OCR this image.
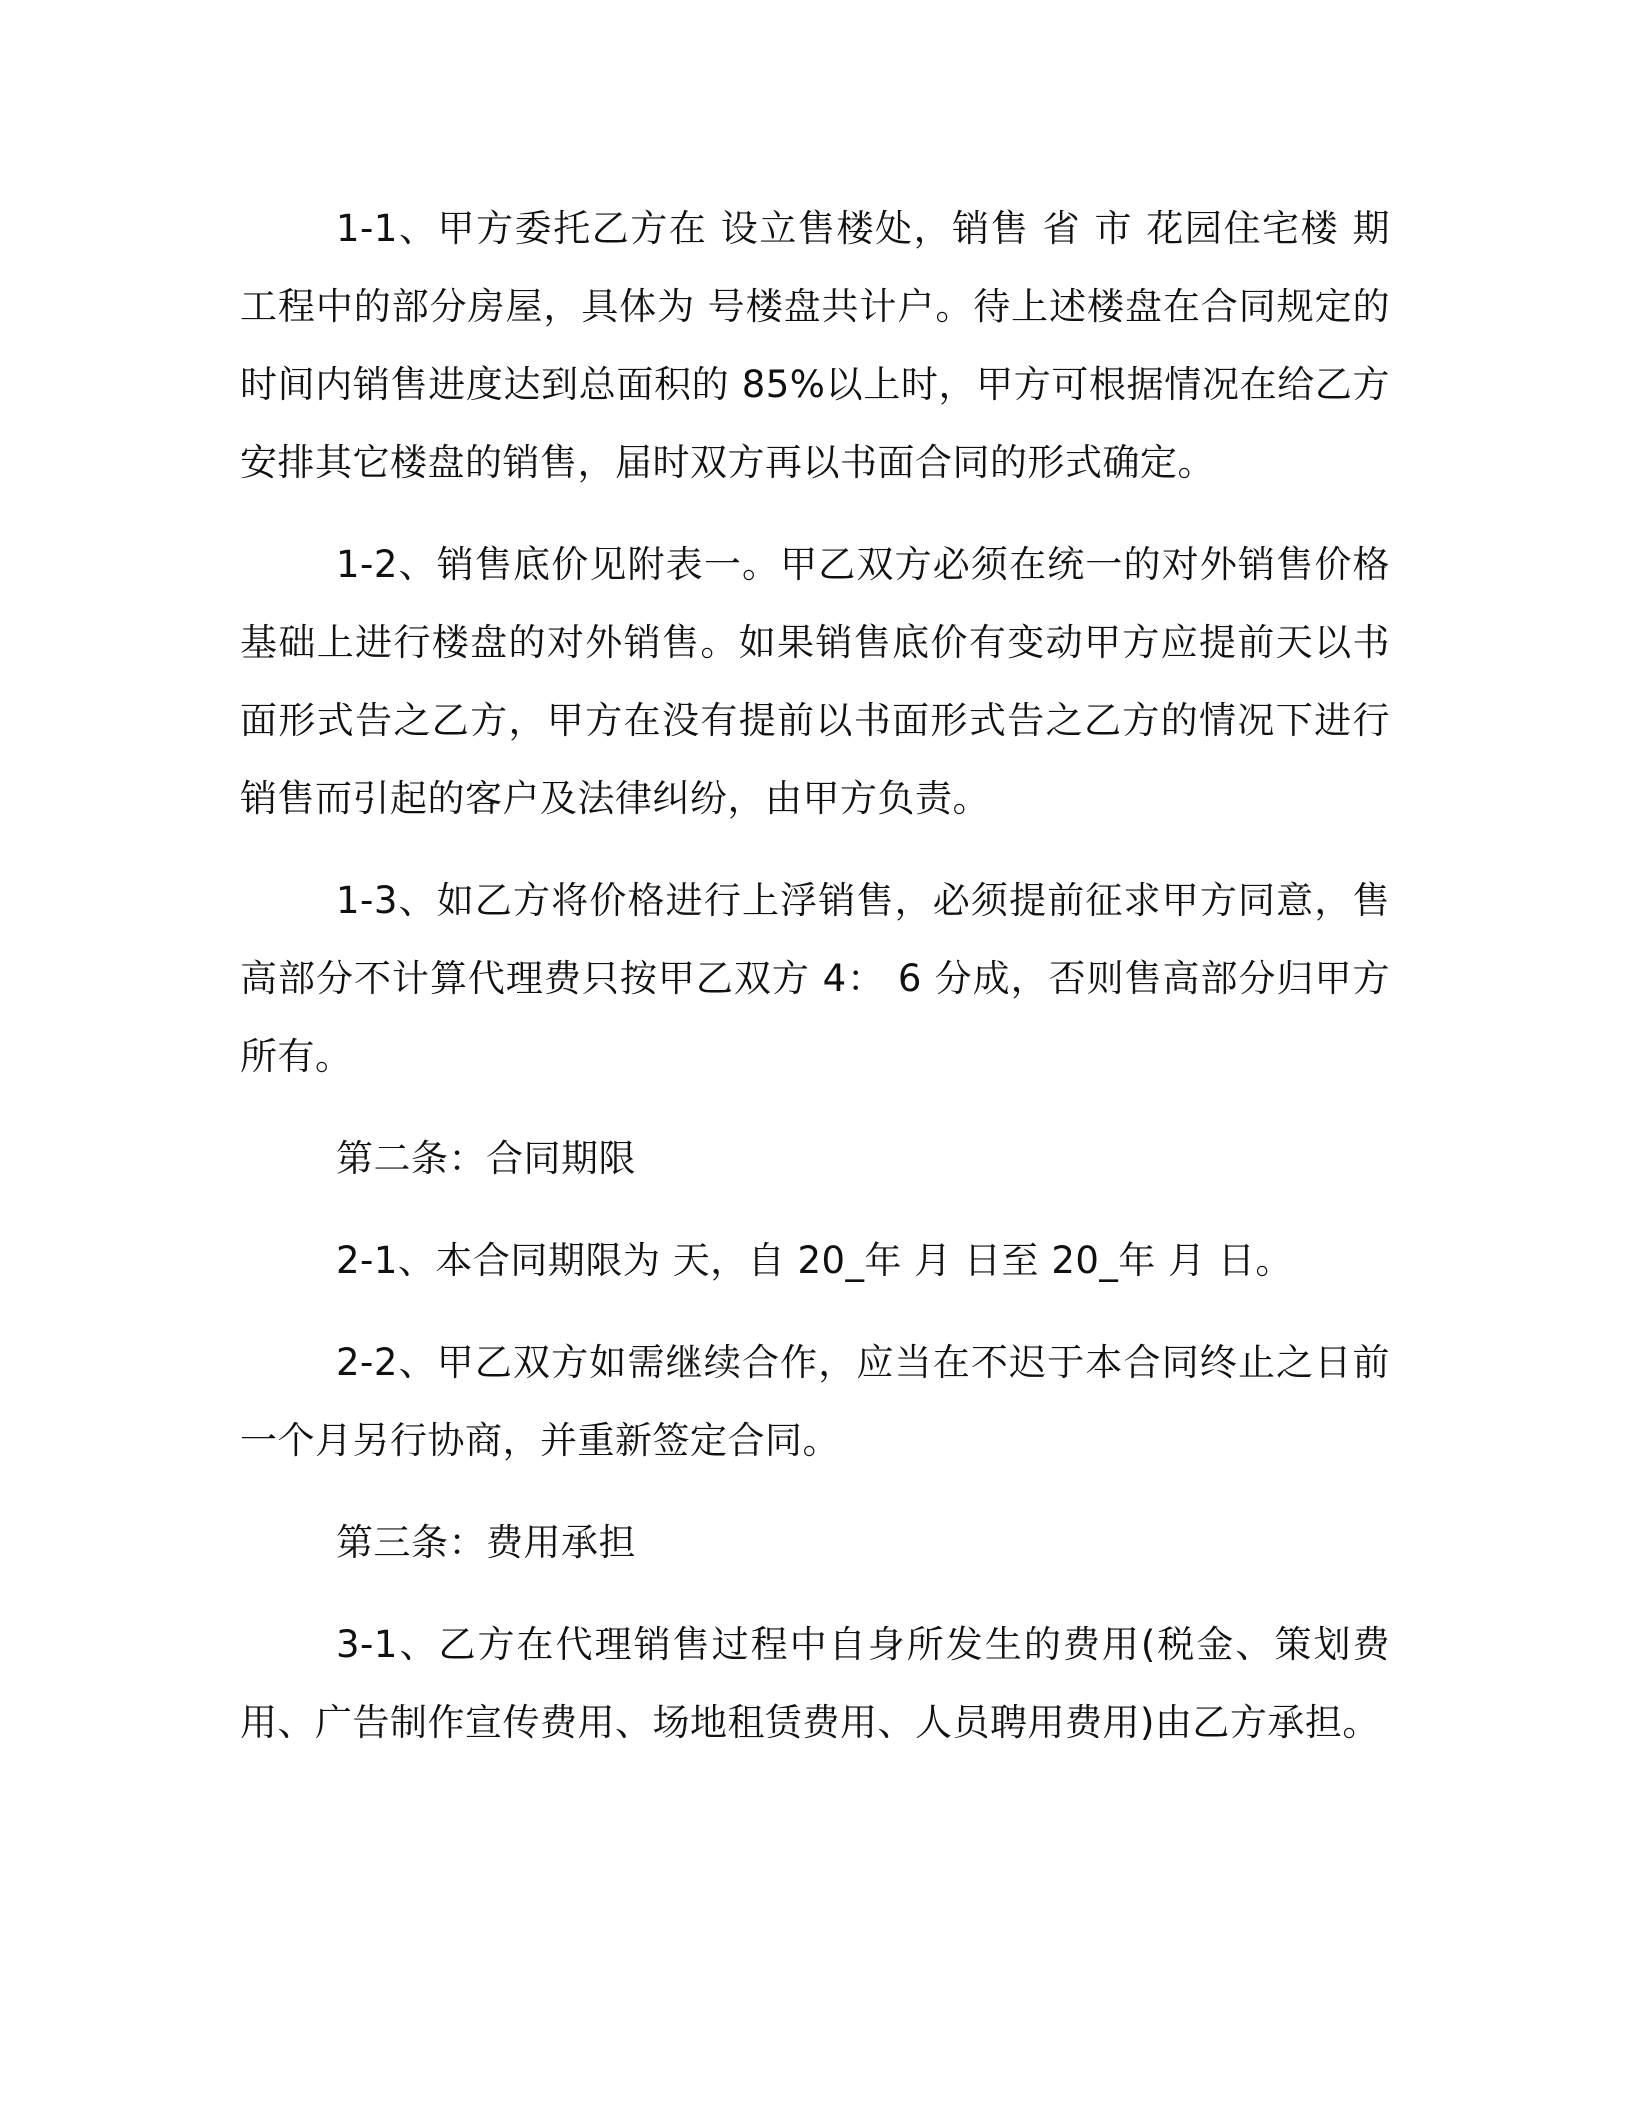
1-1、甲方委托乙方在 设立售楼处，销售 省 市 花园住宅楼 期工程中的部分房屋，具体为 号楼盘共计户。待上述楼盘在合同规定的时间内销售进度达到总面积的 85%以上时，甲方可根据情况在给乙方安排其它楼盘的销售，届时双方再以书面合同的形式确定。

1-2、销售底价见附表一。甲乙双方必须在统一的对外销售价格基础上进行楼盘的对外销售。如果销售底价有变动甲方应提前天以书面形式告之乙方，甲方在没有提前以书面形式告之乙方的情况下进行销售而引起的客户及法律纠纷，由甲方负责。

1-3、如乙方将价格进行上浮销售，必须提前征求甲方同意，售高部分不计算代理费只按甲乙双方 4： 6 分成，否则售高部分归甲方所有。

第二条：合同期限

2-1、本合同期限为 天，自 20_年 月 日至 20_年 月 日。

2-2、甲乙双方如需继续合作，应当在不迟于本合同终止之日前一个月另行协商，并重新签定合同。

第三条：费用承担

3-1、乙方在代理销售过程中自身所发生的费用(税金、策划费用、广告制作宣传费用、场地租赁费用、人员聘用费用)由乙方承担。
